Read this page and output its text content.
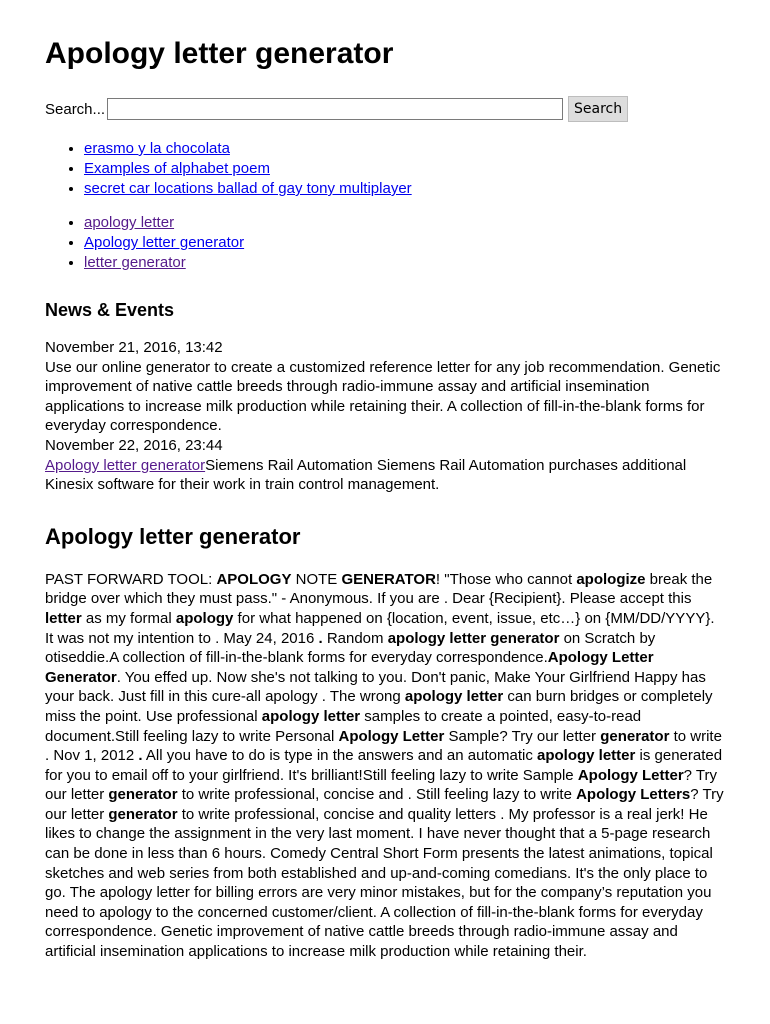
Apology letter generator
Search...	Search
• erasmo y la chocolata
• Examples of alphabet poem
• secret car locations ballad of gay tony multiplayer
• apology letter
• Apology letter generator
• letter generator
News & Events
November 21, 2016, 13:42
Use our online generator to create a customized reference letter for any job recommendation. Genetic improvement of native cattle breeds through radio-immune assay and artificial insemination applications to increase milk production while retaining their. A collection of fill-in-the-blank forms for everyday correspondence.
November 22, 2016, 23:44
Apology letter generatorSiemens Rail Automation Siemens Rail Automation purchases additional Kinesix software for their work in train control management.
Apology letter generator
PAST FORWARD TOOL: APOLOGY NOTE GENERATOR! "Those who cannot apologize break the bridge over which they must pass." - Anonymous. If you are . Dear {Recipient}. Please accept this letter as my formal apology for what happened on {location, event, issue, etc…} on {MM/DD/YYYY}. It was not my intention to . May 24, 2016 . Random apology letter generator on Scratch by otiseddie.A collection of fill-in-the-blank forms for everyday correspondence.Apology Letter Generator. You effed up. Now she's not talking to you. Don't panic, Make Your Girlfriend Happy has your back. Just fill in this cure-all apology . The wrong apology letter can burn bridges or completely miss the point. Use professional apology letter samples to create a pointed, easy-to-read document.Still feeling lazy to write Personal Apology Letter Sample? Try our letter generator to write . Nov 1, 2012 . All you have to do is type in the answers and an automatic apology letter is generated for you to email off to your girlfriend. It's brilliant!Still feeling lazy to write Sample Apology Letter? Try our letter generator to write professional, concise and . Still feeling lazy to write Apology Letters? Try our letter generator to write professional, concise and quality letters . My professor is a real jerk! He likes to change the assignment in the very last moment. I have never thought that a 5-page research can be done in less than 6 hours. Comedy Central Short Form presents the latest animations, topical sketches and web series from both established and up-and-coming comedians. It's the only place to go. The apology letter for billing errors are very minor mistakes, but for the company’s reputation you need to apology to the concerned customer/client. A collection of fill-in-the-blank forms for everyday correspondence. Genetic improvement of native cattle breeds through radio-immune assay and artificial insemination applications to increase milk production while retaining their.
